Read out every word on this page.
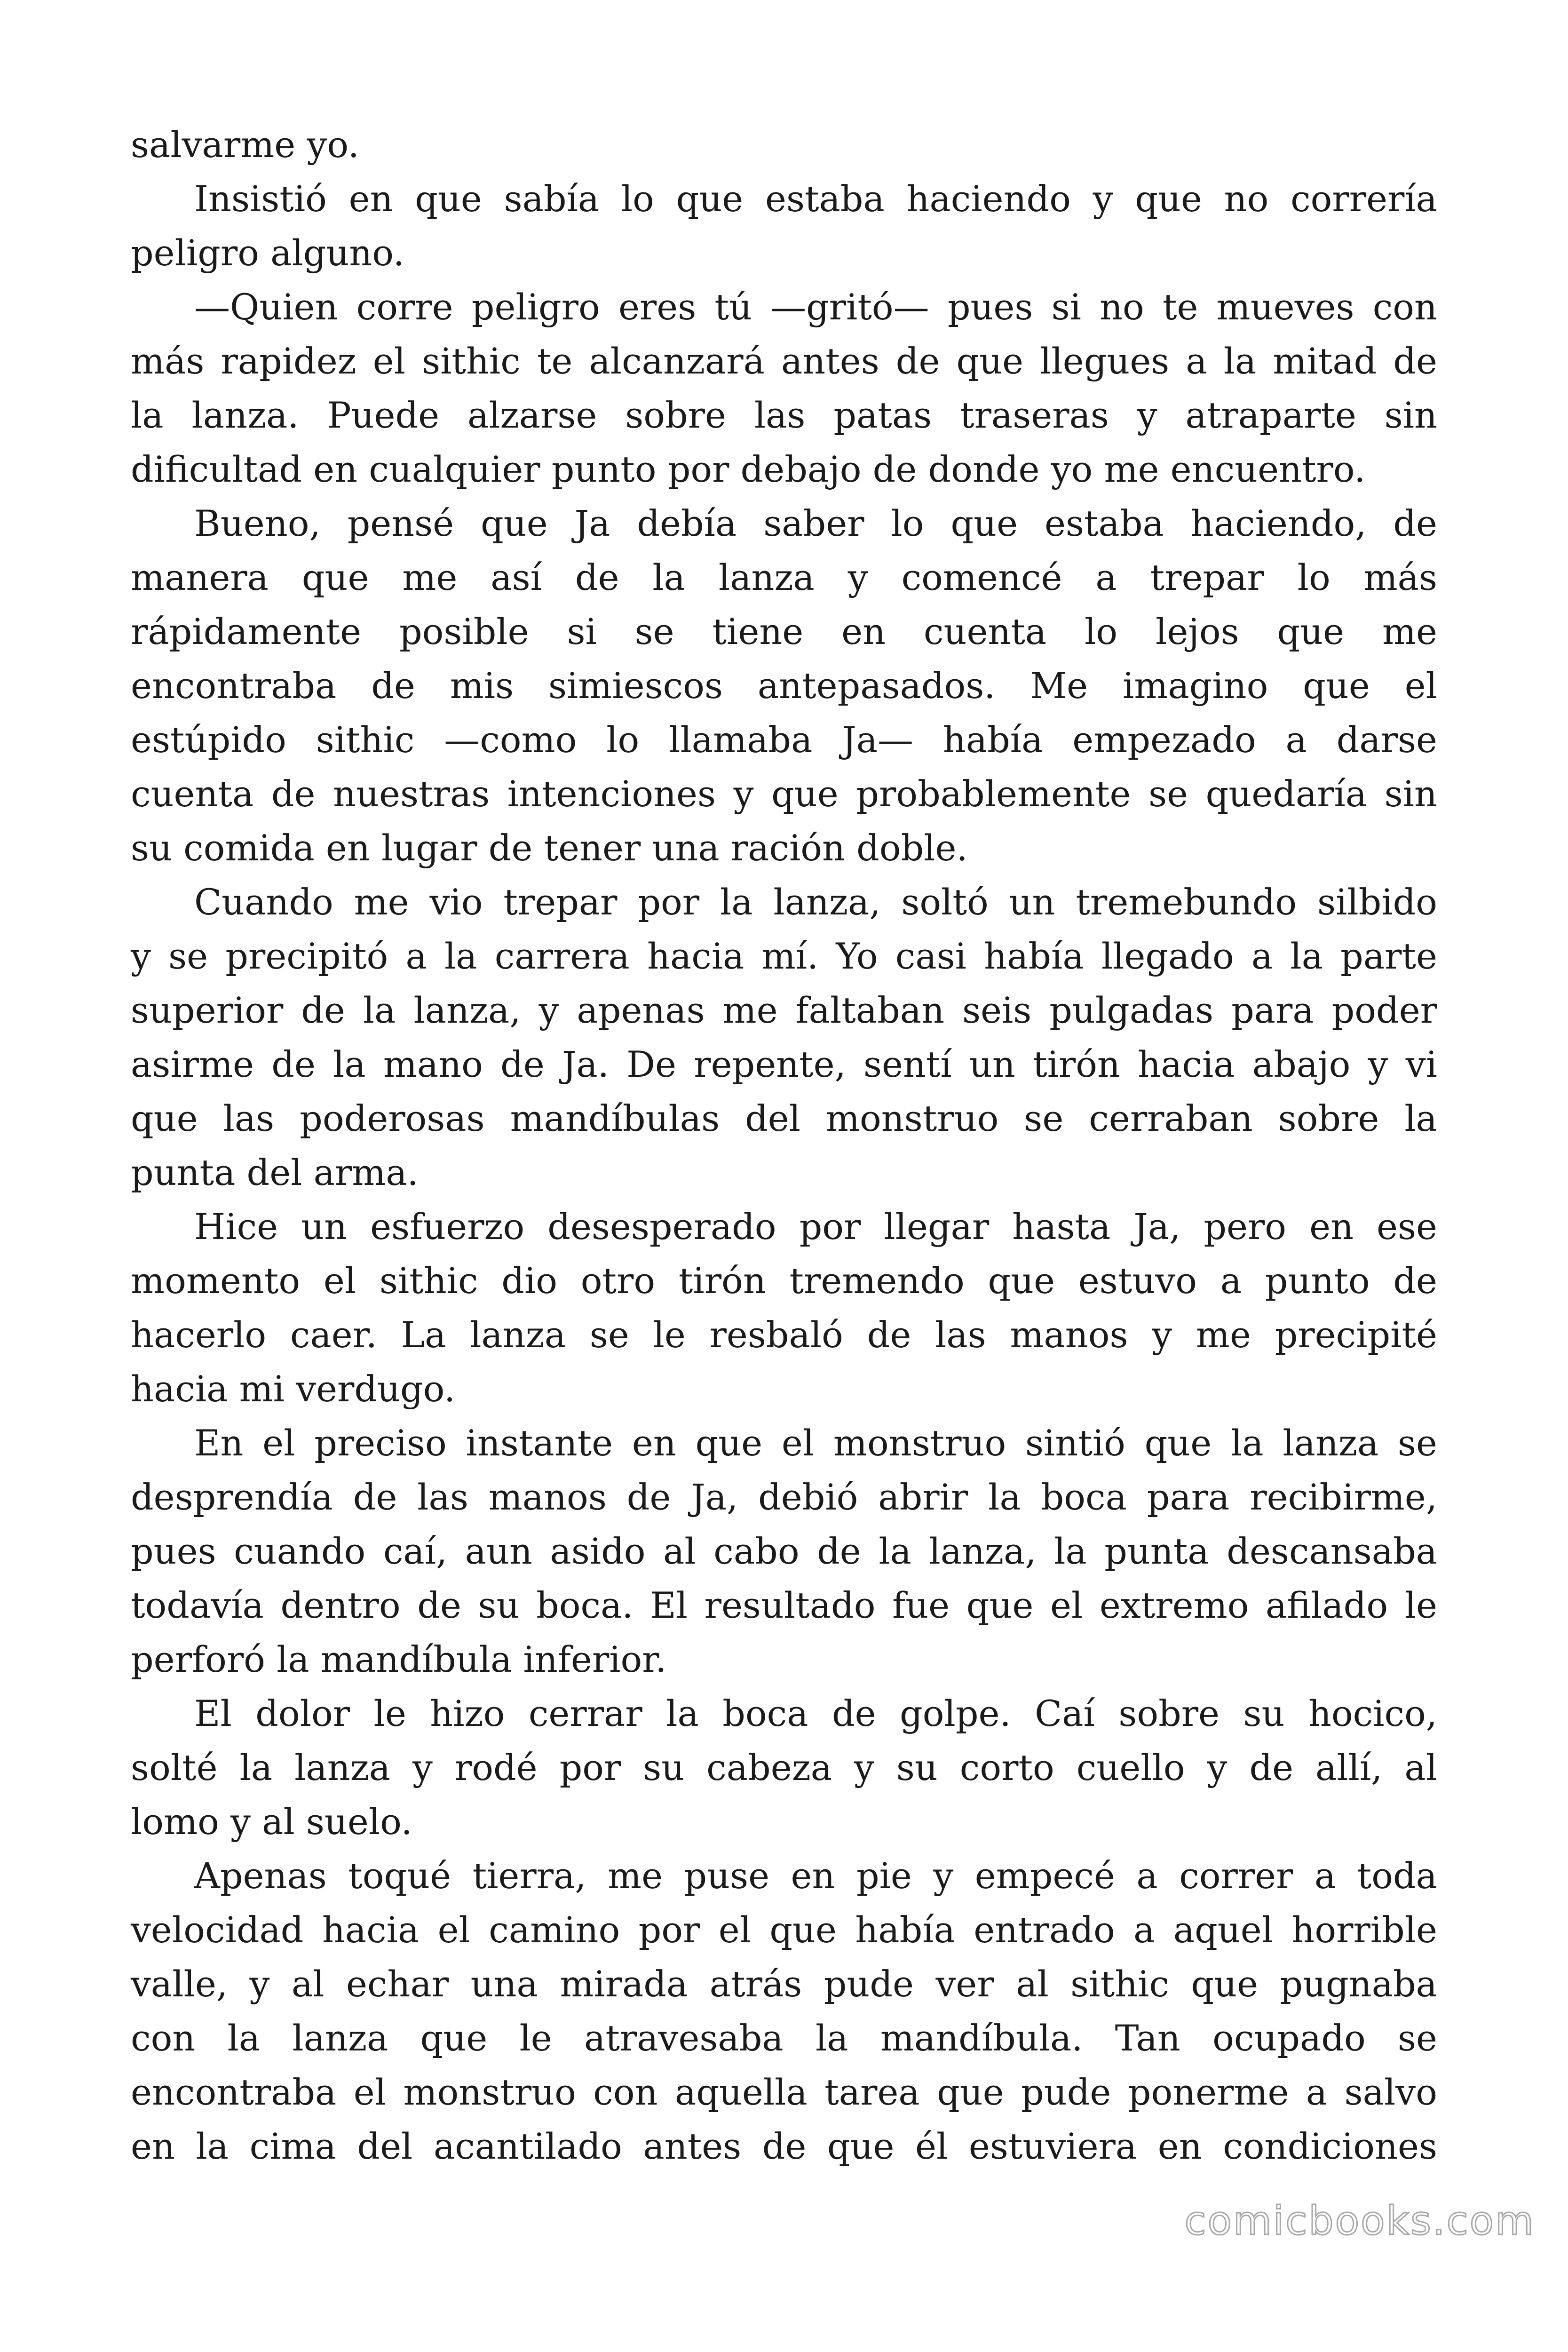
salvarme yo.
Insistió en que sabía lo que estaba haciendo y que no correría
peligro alguno.
—Quien corre peligro eres tú —gritó— pues si no te mueves con
más rapidez el sithic te alcanzará antes de que llegues a la mitad de
la lanza. Puede alzarse sobre las patas traseras y atraparte sin
dificultad en cualquier punto por debajo de donde yo me encuentro.
Bueno, pensé que Ja debía saber lo que estaba haciendo, de
manera que me así de la lanza y comencé a trepar lo más
rápidamente posible si se tiene en cuenta lo lejos que me
encontraba de mis simiescos antepasados. Me imagino que el
estúpido sithic —como lo llamaba Ja— había empezado a darse
cuenta de nuestras intenciones y que probablemente se quedaría sin
su comida en lugar de tener una ración doble.
Cuando me vio trepar por la lanza, soltó un tremebundo silbido
y se precipitó a la carrera hacia mí. Yo casi había llegado a la parte
superior de la lanza, y apenas me faltaban seis pulgadas para poder
asirme de la mano de Ja. De repente, sentí un tirón hacia abajo y vi
que las poderosas mandíbulas del monstruo se cerraban sobre la
punta del arma.
Hice un esfuerzo desesperado por llegar hasta Ja, pero en ese
momento el sithic dio otro tirón tremendo que estuvo a punto de
hacerlo caer. La lanza se le resbaló de las manos y me precipité
hacia mi verdugo.
En el preciso instante en que el monstruo sintió que la lanza se
desprendía de las manos de Ja, debió abrir la boca para recibirme,
pues cuando caí, aun asido al cabo de la lanza, la punta descansaba
todavía dentro de su boca. El resultado fue que el extremo afilado le
perforó la mandíbula inferior.
El dolor le hizo cerrar la boca de golpe. Caí sobre su hocico,
solté la lanza y rodé por su cabeza y su corto cuello y de allí, al
lomo y al suelo.
Apenas toqué tierra, me puse en pie y empecé a correr a toda
velocidad hacia el camino por el que había entrado a aquel horrible
valle, y al echar una mirada atrás pude ver al sithic que pugnaba
con la lanza que le atravesaba la mandíbula. Tan ocupado se
encontraba el monstruo con aquella tarea que pude ponerme a salvo
en la cima del acantilado antes de que él estuviera en condiciones
comicbooks.com
